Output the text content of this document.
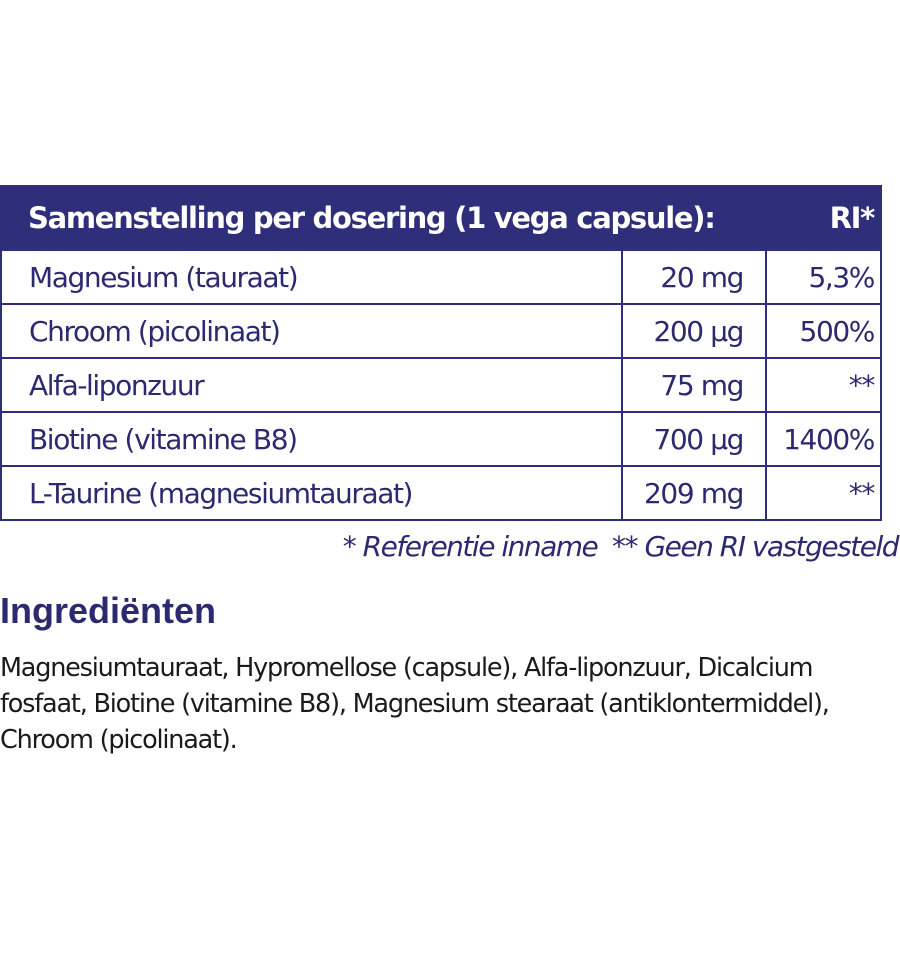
Samenstelling per dosering (1 vega capsule):	RI*
Magnesium (tauraat)	20 mg	5,3%
Chroom (picolinaat)	200 µg	500%
Alfa-liponzuur	75 mg	**
Biotine (vitamine B8)	700 µg	1400%
L-Taurine (magnesiumtauraat)	209 mg	**
* Referentie inname  ** Geen RI vastgesteld
Ingrediënten

Magnesiumtauraat, Hypromellose (capsule), Alfa-liponzuur, Dicalcium fosfaat, Biotine (vitamine B8), Magnesium stearaat (antiklontermiddel), Chroom (picolinaat).
